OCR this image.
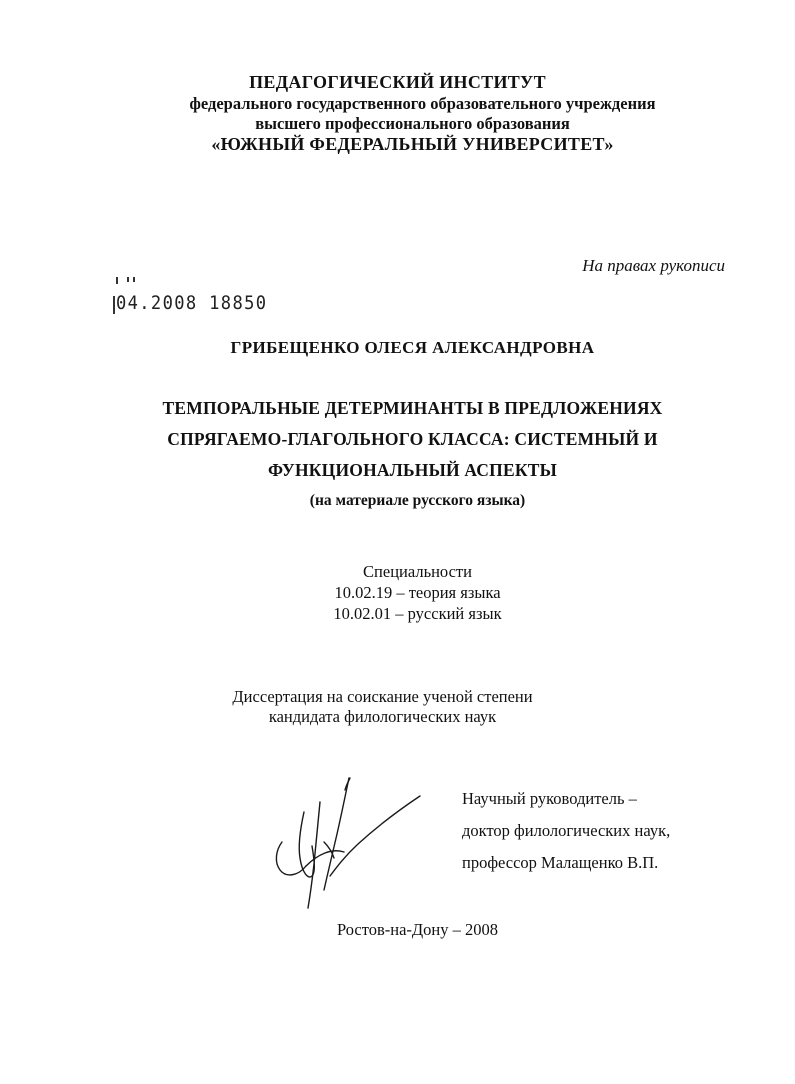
ПЕДАГОГИЧЕСКИЙ ИНСТИТУТ
федерального государственного образовательного учреждения
высшего профессионального образования
«ЮЖНЫЙ ФЕДЕРАЛЬНЫЙ УНИВЕРСИТЕТ»
На правах рукописи
04.2008 18850
ГРИБЕЩЕНКО ОЛЕСЯ АЛЕКСАНДРОВНА
ТЕМПОРАЛЬНЫЕ ДЕТЕРМИНАНТЫ В ПРЕДЛОЖЕНИЯХ
СПРЯГАЕМО-ГЛАГОЛЬНОГО КЛАССА: СИСТЕМНЫЙ И
ФУНКЦИОНАЛЬНЫЙ АСПЕКТЫ
(на материале русского языка)
Специальности
10.02.19 – теория языка
10.02.01 – русский язык
Диссертация на соискание ученой степени
кандидата филологических наук
Научный руководитель –
доктор филологических наук,
профессор Малащенко В.П.
Ростов-на-Дону – 2008
